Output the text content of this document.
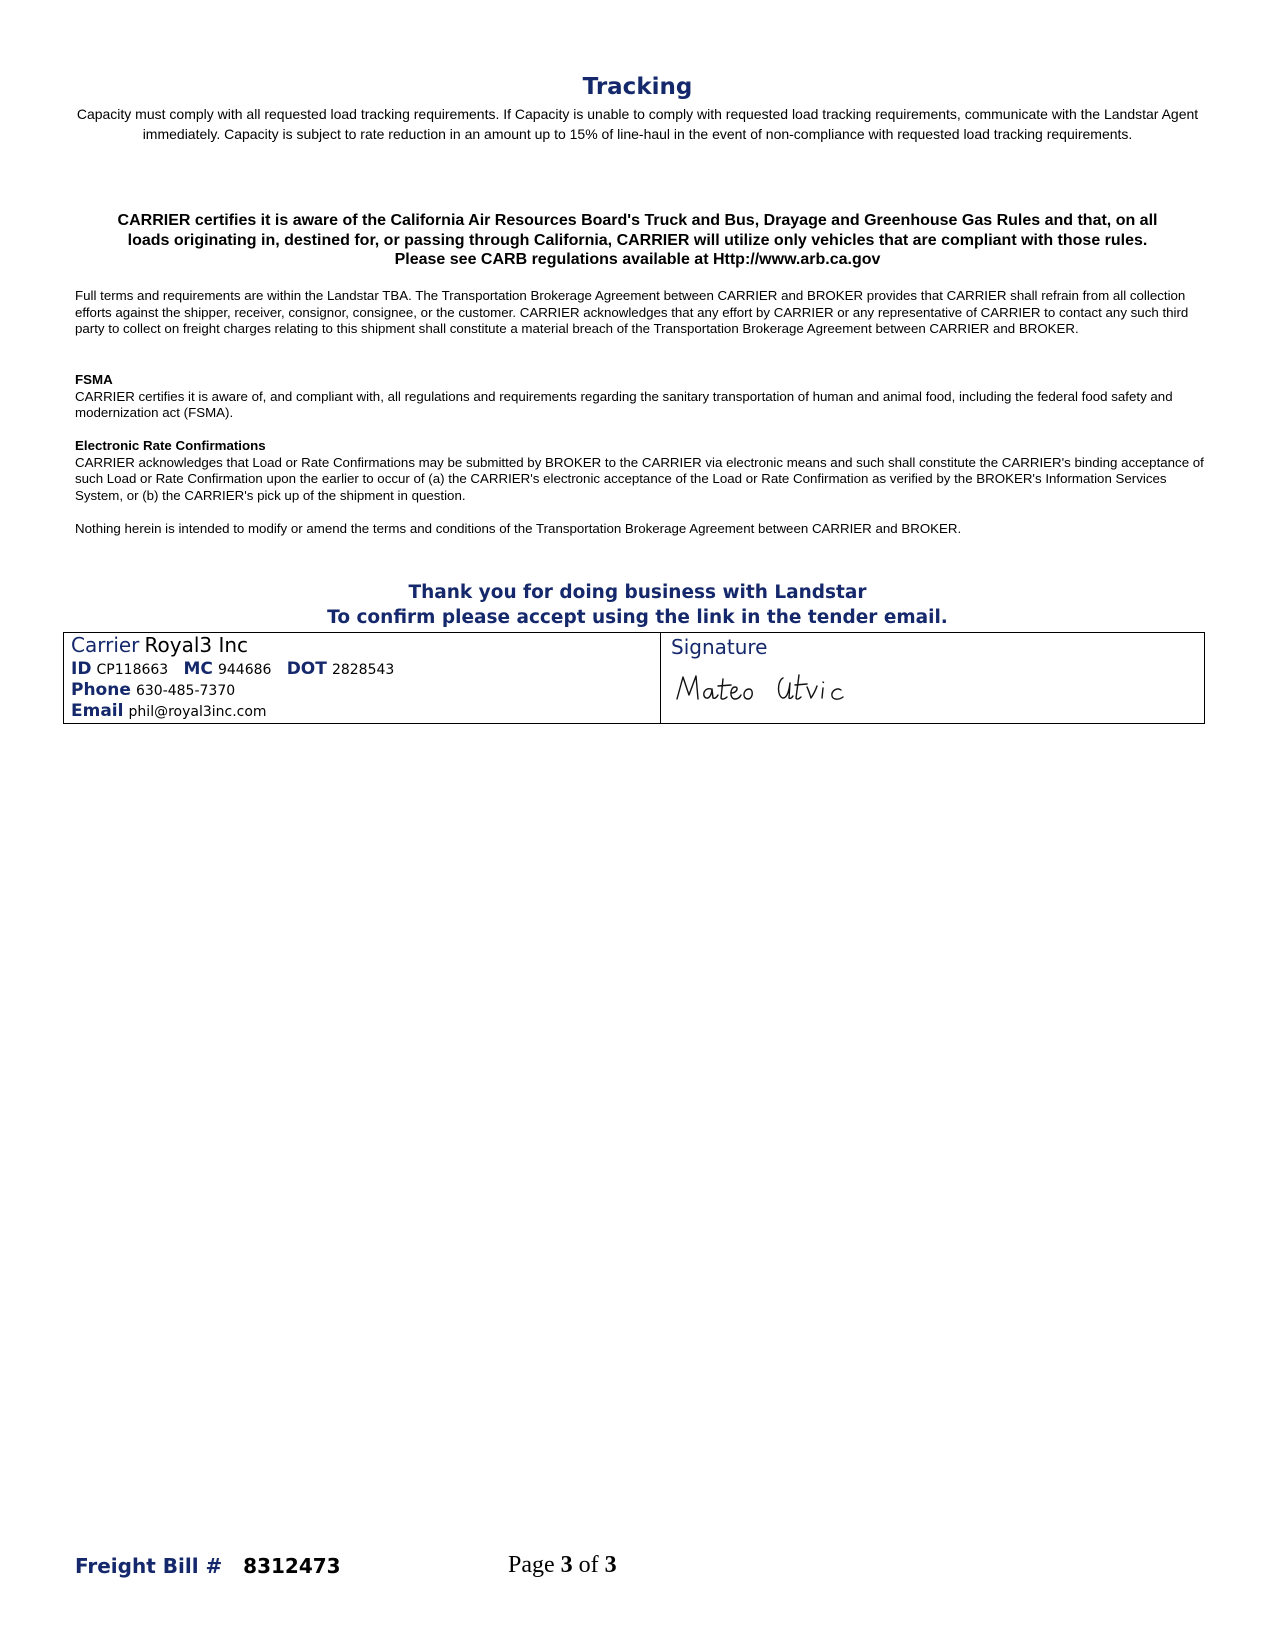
Tracking
Capacity must comply with all requested load tracking requirements. If Capacity is unable to comply with requested load tracking requirements, communicate with the Landstar Agent immediately. Capacity is subject to rate reduction in an amount up to 15% of line-haul in the event of non-compliance with requested load tracking requirements.
CARRIER certifies it is aware of the California Air Resources Board's Truck and Bus, Drayage and Greenhouse Gas Rules and that, on all
loads originating in, destined for, or passing through California, CARRIER will utilize only vehicles that are compliant with those rules.
Please see CARB regulations available at Http://www.arb.ca.gov
Full terms and requirements are within the Landstar TBA. The Transportation Brokerage Agreement between CARRIER and BROKER provides that CARRIER shall refrain from all collection efforts against the shipper, receiver, consignor, consignee, or the customer. CARRIER acknowledges that any effort by CARRIER or any representative of CARRIER to contact any such third party to collect on freight charges relating to this shipment shall constitute a material breach of the Transportation Brokerage Agreement between CARRIER and BROKER.
FSMA
CARRIER certifies it is aware of, and compliant with, all regulations and requirements regarding the sanitary transportation of human and animal food, including the federal food safety and modernization act (FSMA).
Electronic Rate Confirmations
CARRIER acknowledges that Load or Rate Confirmations may be submitted by BROKER to the CARRIER via electronic means and such shall constitute the CARRIER's binding acceptance of such Load or Rate Confirmation upon the earlier to occur of (a) the CARRIER's electronic acceptance of the Load or Rate Confirmation as verified by the BROKER's Information Services System, or (b) the CARRIER's pick up of the shipment in question.
Nothing herein is intended to modify or amend the terms and conditions of the Transportation Brokerage Agreement between CARRIER and BROKER.
Thank you for doing business with Landstar
To confirm please accept using the link in the tender email.
Carrier Royal3 Inc
ID CP118663 MC 944686 DOT 2828543
Phone 630-485-7370
Email phil@royal3inc.com
Signature
Freight Bill # 8312473	Page 3 of 3
